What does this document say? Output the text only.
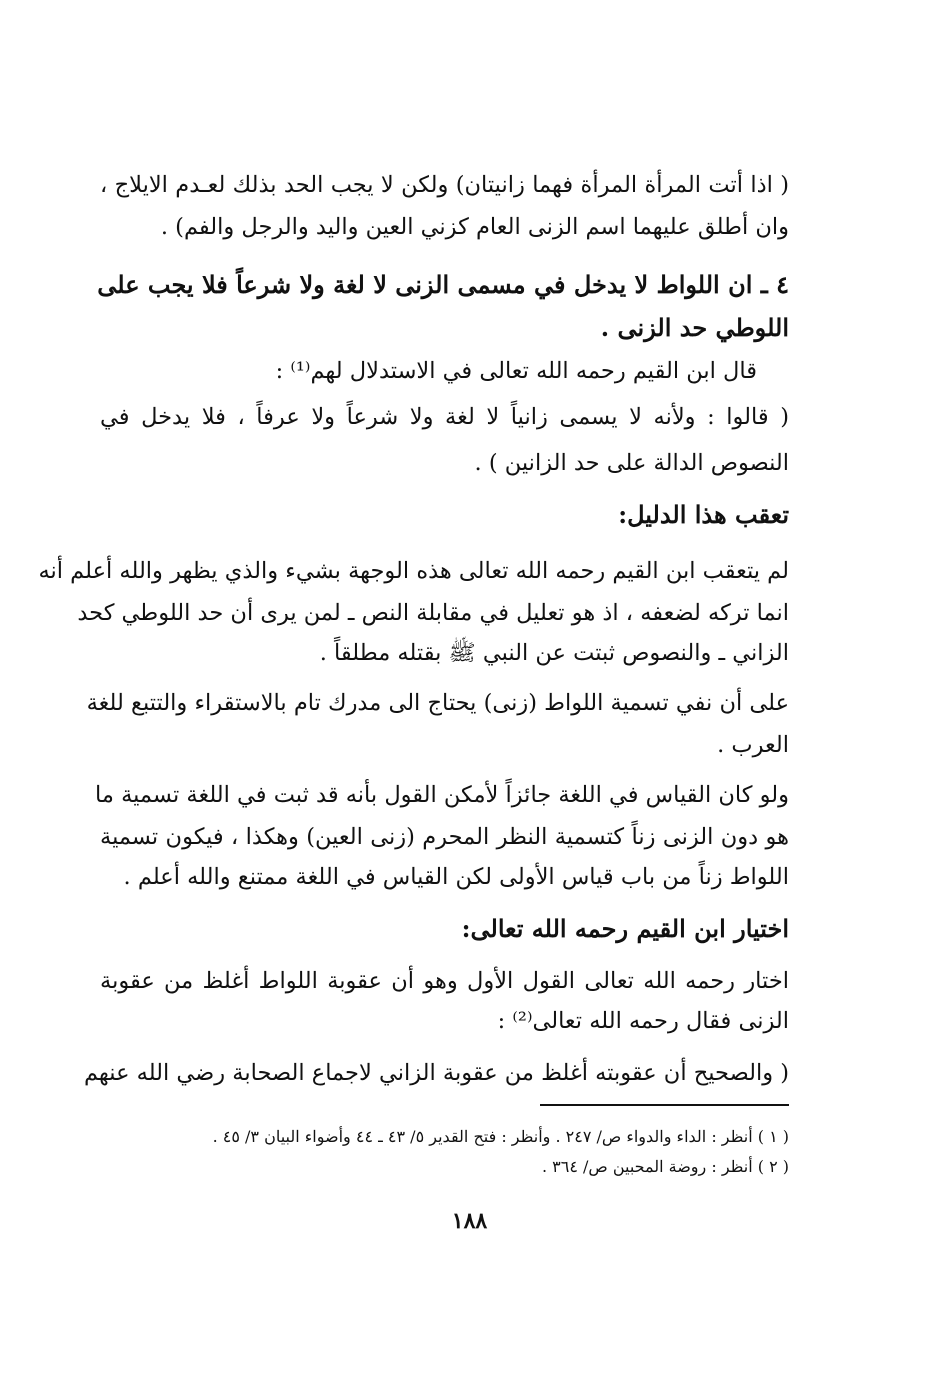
( اذا أتت المرأة المرأة فهما زانيتان) ولكن لا يجب الحد بذلك لعـدم الايلاج ،
وان أطلق عليهما اسم الزنى العام كزني العين واليد والرجل والفم) .
٤ ـ ان اللواط لا يدخل في مسمى الزنى لا لغة ولا شرعاً فلا يجب على
اللوطي حد الزنى .
قال ابن القيم رحمه الله تعالى في الاستدلال لهم⁽¹⁾ :
( قالوا : ولأنه لا يسمى زانياً لا لغة ولا شرعاً ولا عرفاً ، فلا يدخل في
النصوص الدالة على حد الزانين ) .
تعقب هذا الدليل:
لم يتعقب ابن القيم رحمه الله تعالى هذه الوجهة بشيء والذي يظهر والله أعلم أنه
انما تركه لضعفه ، اذ هو تعليل في مقابلة النص ـ لمن يرى أن حد اللوطي كحد
الزاني ـ والنصوص ثبتت عن النبي ﷺ بقتله مطلقاً .
على أن نفي تسمية اللواط (زنى) يحتاج الى مدرك تام بالاستقراء والتتبع للغة
العرب .
ولو كان القياس في اللغة جائزاً لأمكن القول بأنه قد ثبت في اللغة تسمية ما
هو دون الزنى زناً كتسمية النظر المحرم (زنى العين) وهكذا ، فيكون تسمية
اللواط زناً من باب قياس الأولى لكن القياس في اللغة ممتنع والله أعلم .
اختيار ابن القيم رحمه الله تعالى:
اختار رحمه الله تعالى القول الأول وهو أن عقوبة اللواط أغلظ من عقوبة
الزنى فقال رحمه الله تعالى⁽²⁾ :
( والصحيح أن عقوبته أغلظ من عقوبة الزاني لاجماع الصحابة رضي الله عنهم
( ١ ) أنظر : الداء والدواء ص/ ٢٤٧ . وأنظر : فتح القدير ٥/ ٤٣ ـ ٤٤ وأضواء البيان ٣/ ٤٥ .
( ٢ ) أنظر : روضة المحبين ص/ ٣٦٤ .
١٨٨
